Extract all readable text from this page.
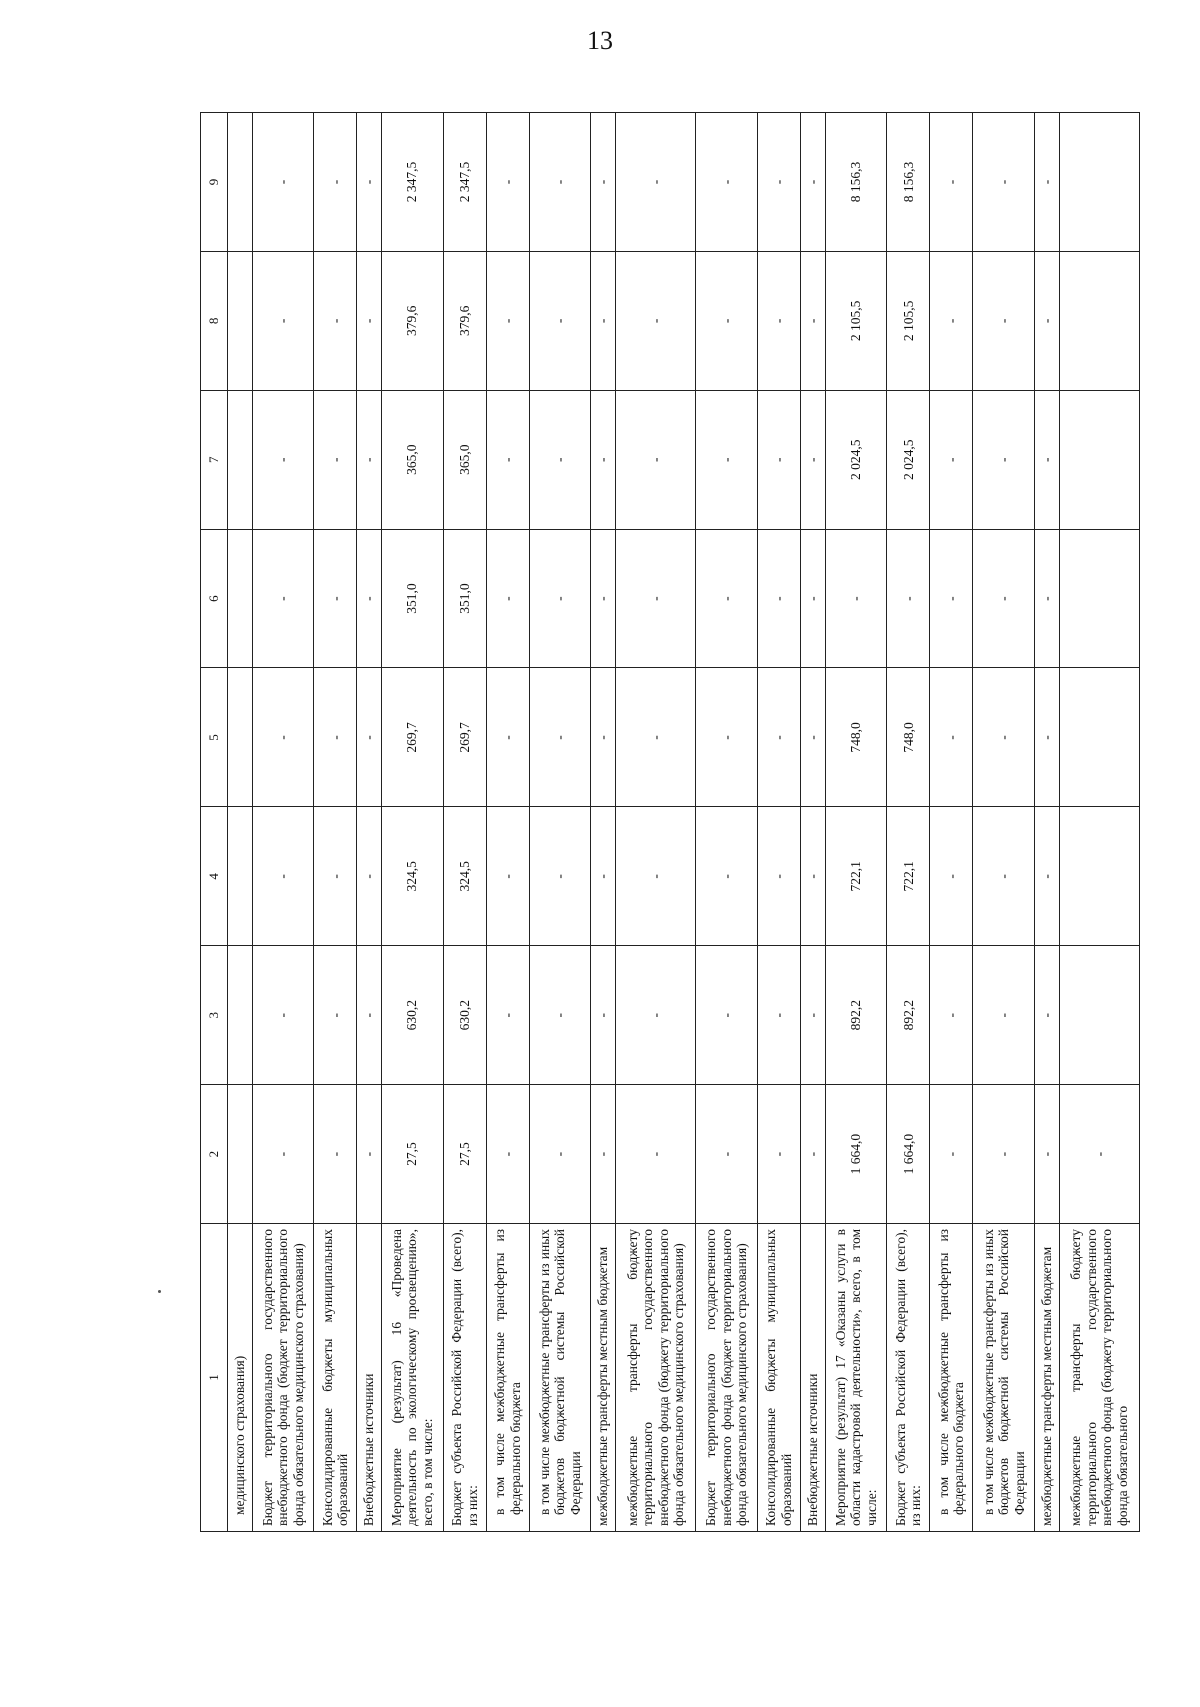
13
1	2	3	4	5	6	7	8	9
медицинского страхования)								
Бюджет территориального государственного внебюджетного фонда (бюджет территориального фонда обязательного медицинского страхования)	-	-	-	-	-	-	-	-
Консолидированные бюджеты муниципальных образований	-	-	-	-	-	-	-	-
Внебюджетные источники	-	-	-	-	-	-	-	-
Мероприятие (результат) 16 «Проведена деятельность по экологическому просвещению», всего, в том числе:	27,5	630,2	324,5	269,7	351,0	365,0	379,6	2 347,5
Бюджет субъекта Российской Федерации (всего), из них:	27,5	630,2	324,5	269,7	351,0	365,0	379,6	2 347,5
в том числе межбюджетные трансферты из федерального бюджета	-	-	-	-	-	-	-	-
в том числе межбюджетные трансферты из иных бюджетов бюджетной системы Российской Федерации	-	-	-	-	-	-	-	-
межбюджетные трансферты местным бюджетам	-	-	-	-	-	-	-	-
межбюджетные трансферты бюджету территориального государственного внебюджетного фонда (бюджету территориального фонда обязательного медицинского страхования)	-	-	-	-	-	-	-	-
Бюджет территориального государственного внебюджетного фонда (бюджет территориального фонда обязательного медицинского страхования)	-	-	-	-	-	-	-	-
Консолидированные бюджеты муниципальных образований	-	-	-	-	-	-	-	-
Внебюджетные источники	-	-	-	-	-	-	-	-
Мероприятие (результат) 17 «Оказаны услуги в области кадастровой деятельности», всего, в том числе:	1 664,0	892,2	722,1	748,0	-	2 024,5	2 105,5	8 156,3
Бюджет субъекта Российской Федерации (всего), из них:	1 664,0	892,2	722,1	748,0	-	2 024,5	2 105,5	8 156,3
в том числе межбюджетные трансферты из федерального бюджета	-	-	-	-	-	-	-	-
в том числе межбюджетные трансферты из иных бюджетов бюджетной системы Российской Федерации	-	-	-	-	-	-	-	-
межбюджетные трансферты местным бюджетам	-	-	-	-	-	-	-	-
межбюджетные трансферты бюджету территориального государственного внебюджетного фонда (бюджету территориального фонда обязательного	-							
